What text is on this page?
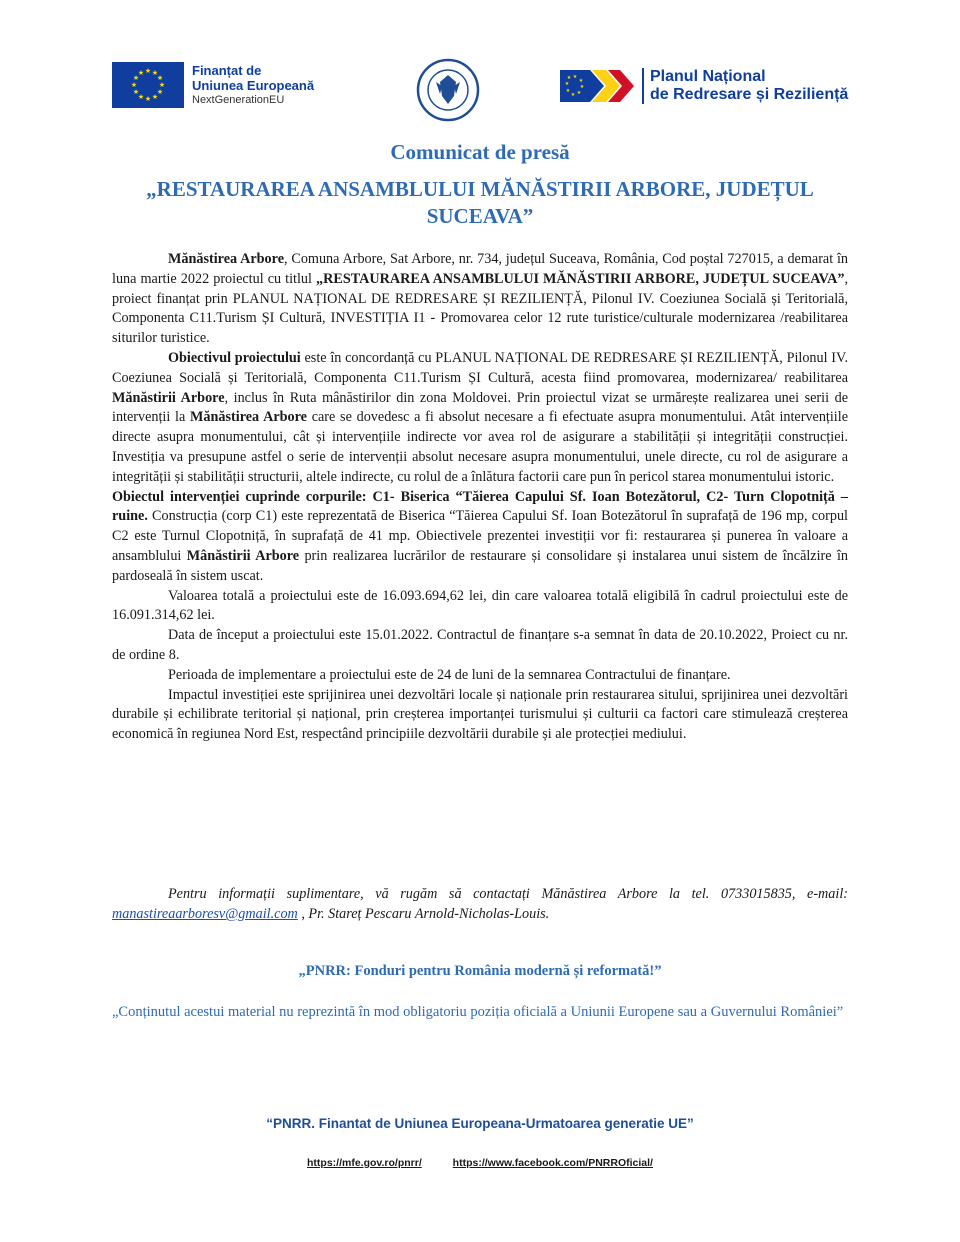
★ ★
★
★
★
★
★
★
★
★
★
★	Finanțat de
Uniunea Europeană
NextGenerationEU
★
★
★
★
★
★
★
★	Planul Național
de Redresare și Reziliență
Comunicat de presă
„RESTAURAREA ANSAMBLULUI MĂNĂSTIRII ARBORE, JUDEȚUL SUCEAVA”

Mănăstirea Arbore, Comuna Arbore, Sat Arbore, nr. 734, județul Suceava, România, Cod poștal 727015, a demarat în luna martie 2022 proiectul cu titlul „RESTAURAREA ANSAMBLULUI MĂNĂSTIRII ARBORE, JUDEȚUL SUCEAVA”, proiect finanțat prin PLANUL NAȚIONAL DE REDRESARE ȘI REZILIENȚĂ, Pilonul IV. Coeziunea Socială și Teritorială, Componenta C11.Turism ȘI Cultură, INVESTIȚIA I1 - Promovarea celor 12 rute turistice/culturale modernizarea /reabilitarea siturilor turistice.

Obiectivul proiectului este în concordanță cu PLANUL NAȚIONAL DE REDRESARE ȘI REZILIENȚĂ, Pilonul IV. Coeziunea Socială și Teritorială, Componenta C11.Turism ȘI Cultură, acesta fiind promovarea, modernizarea/ reabilitarea Mănăstirii Arbore, inclus în Ruta mânăstirilor din zona Moldovei. Prin proiectul vizat se urmărește realizarea unei serii de intervenții la Mănăstirea Arbore care se dovedesc a fi absolut necesare a fi efectuate asupra monumentului. Atât intervențiile directe asupra monumentului, cât și intervențiile indirecte vor avea rol de asigurare a stabilității și integrității construcției. Investiția va presupune astfel o serie de intervenții absolut necesare asupra monumentului, unele directe, cu rol de asigurare a integrității și stabilității structurii, altele indirecte, cu rolul de a înlătura factorii care pun în pericol starea monumentului istoric.

Obiectul intervenției cuprinde corpurile: C1- Biserica “Tăierea Capului Sf. Ioan Botezătorul, C2- Turn Clopotniță – ruine. Construcția (corp C1) este reprezentată de Biserica “Tăierea Capului Sf. Ioan Botezătorul în suprafață de 196 mp, corpul C2 este Turnul Clopotniță, în suprafață de 41 mp. Obiectivele prezentei investiții vor fi: restaurarea și punerea în valoare a ansamblului Mânăstirii Arbore prin realizarea lucrărilor de restaurare și consolidare și instalarea unui sistem de încălzire în pardoseală în sistem uscat.

Valoarea totală a proiectului este de 16.093.694,62 lei, din care valoarea totală eligibilă în cadrul proiectului este de 16.091.314,62 lei.

Data de început a proiectului este 15.01.2022. Contractul de finanțare s-a semnat în data de 20.10.2022, Proiect cu nr. de ordine 8.

Perioada de implementare a proiectului este de 24 de luni de la semnarea Contractului de finanțare.

Impactul investiției este sprijinirea unei dezvoltări locale și naționale prin restaurarea sitului, sprijinirea unei dezvoltări durabile și echilibrate teritorial și național, prin creșterea importanței turismului și culturii ca factori care stimulează creșterea economică în regiunea Nord Est, respectând principiile dezvoltării durabile și ale protecției mediului.

Pentru informații suplimentare, vă rugăm să contactați Mănăstirea Arbore la tel. 0733015835, e-mail: manastireaarboresv@gmail.com , Pr. Stareț Pescaru Arnold-Nicholas-Louis.
„PNRR: Fonduri pentru România modernă și reformată!”
„Conținutul acestui material nu reprezintă în mod obligatoriu poziția oficială a Uniunii Europene sau a Guvernului României”
“PNRR. Finantat de Uniunea Europeana-Urmatoarea generatie UE”
https://mfe.gov.ro/pnrr/	https://www.facebook.com/PNRROficial/
